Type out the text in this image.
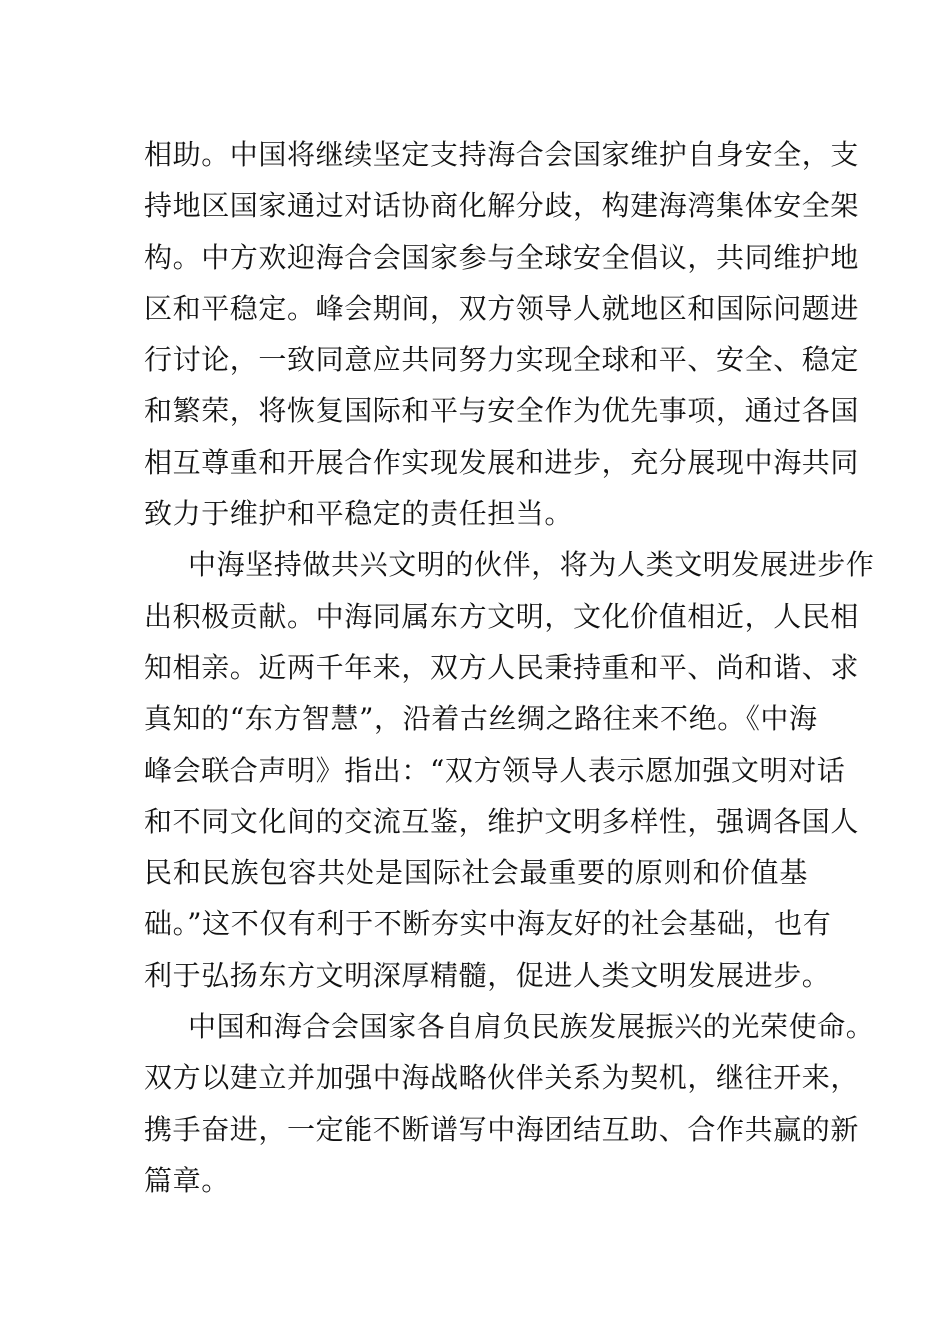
相助。中国将继续坚定支持海合会国家维护自身安全，支
持地区国家通过对话协商化解分歧，构建海湾集体安全架
构。中方欢迎海合会国家参与全球安全倡议，共同维护地
区和平稳定。峰会期间，双方领导人就地区和国际问题进
行讨论，一致同意应共同努力实现全球和平、安全、稳定
和繁荣，将恢复国际和平与安全作为优先事项，通过各国
相互尊重和开展合作实现发展和进步，充分展现中海共同
致力于维护和平稳定的责任担当。
中海坚持做共兴文明的伙伴，将为人类文明发展进步作
出积极贡献。中海同属东方文明，文化价值相近，人民相
知相亲。近两千年来，双方人民秉持重和平、尚和谐、求
真知的“东方智慧”，沿着古丝绸之路往来不绝。《中海
峰会联合声明》指出：“双方领导人表示愿加强文明对话
和不同文化间的交流互鉴，维护文明多样性，强调各国人
民和民族包容共处是国际社会最重要的原则和价值基
础。”这不仅有利于不断夯实中海友好的社会基础，也有
利于弘扬东方文明深厚精髓，促进人类文明发展进步。
中国和海合会国家各自肩负民族发展振兴的光荣使命。
双方以建立并加强中海战略伙伴关系为契机，继往开来，
携手奋进，一定能不断谱写中海团结互助、合作共赢的新
篇章。
